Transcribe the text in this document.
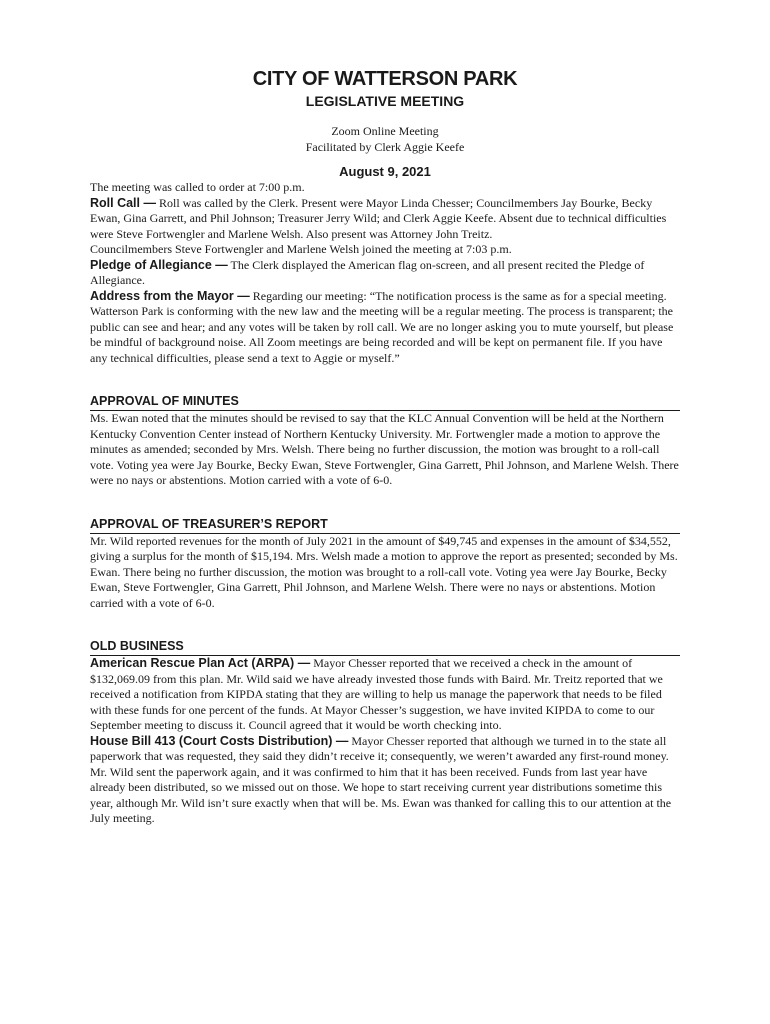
CITY OF WATTERSON PARK
LEGISLATIVE MEETING

Zoom Online Meeting

Facilitated by Clerk Aggie Keefe

August 9, 2021

The meeting was called to order at 7:00 p.m.

Roll Call — Roll was called by the Clerk. Present were Mayor Linda Chesser; Councilmembers Jay Bourke, Becky Ewan, Gina Garrett, and Phil Johnson; Treasurer Jerry Wild; and Clerk Aggie Keefe. Absent due to technical difficulties were Steve Fortwengler and Marlene Welsh. Also present was Attorney John Treitz.

Councilmembers Steve Fortwengler and Marlene Welsh joined the meeting at 7:03 p.m.

Pledge of Allegiance — The Clerk displayed the American flag on-screen, and all present recited the Pledge of Allegiance.

Address from the Mayor — Regarding our meeting: “The notification process is the same as for a special meeting. Watterson Park is conforming with the new law and the meeting will be a regular meeting. The process is transparent; the public can see and hear; and any votes will be taken by roll call. We are no longer asking you to mute yourself, but please be mindful of background noise. All Zoom meetings are being recorded and will be kept on permanent file. If you have any technical difficulties, please send a text to Aggie or myself.”

APPROVAL OF MINUTES

Ms. Ewan noted that the minutes should be revised to say that the KLC Annual Convention will be held at the Northern Kentucky Convention Center instead of Northern Kentucky University. Mr. Fortwengler made a motion to approve the minutes as amended; seconded by Mrs. Welsh. There being no further discussion, the motion was brought to a roll-call vote. Voting yea were Jay Bourke, Becky Ewan, Steve Fortwengler, Gina Garrett, Phil Johnson, and Marlene Welsh. There were no nays or abstentions. Motion carried with a vote of 6-0.

APPROVAL OF TREASURER’S REPORT

Mr. Wild reported revenues for the month of July 2021 in the amount of $49,745 and expenses in the amount of $34,552, giving a surplus for the month of $15,194. Mrs. Welsh made a motion to approve the report as presented; seconded by Ms. Ewan. There being no further discussion, the motion was brought to a roll-call vote. Voting yea were Jay Bourke, Becky Ewan, Steve Fortwengler, Gina Garrett, Phil Johnson, and Marlene Welsh. There were no nays or abstentions. Motion carried with a vote of 6-0.

OLD BUSINESS

American Rescue Plan Act (ARPA) — Mayor Chesser reported that we received a check in the amount of $132,069.09 from this plan. Mr. Wild said we have already invested those funds with Baird. Mr. Treitz reported that we received a notification from KIPDA stating that they are willing to help us manage the paperwork that needs to be filed with these funds for one percent of the funds. At Mayor Chesser’s suggestion, we have invited KIPDA to come to our September meeting to discuss it. Council agreed that it would be worth checking into.

House Bill 413 (Court Costs Distribution) — Mayor Chesser reported that although we turned in to the state all paperwork that was requested, they said they didn’t receive it; consequently, we weren’t awarded any first-round money. Mr. Wild sent the paperwork again, and it was confirmed to him that it has been received. Funds from last year have already been distributed, so we missed out on those. We hope to start receiving current year distributions sometime this year, although Mr. Wild isn’t sure exactly when that will be. Ms. Ewan was thanked for calling this to our attention at the July meeting.
